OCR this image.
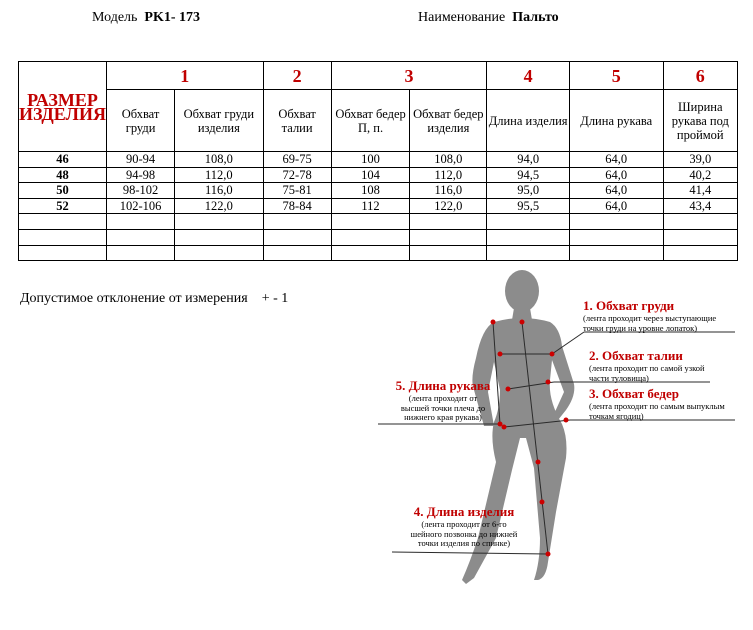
Модель PK1- 173	Наименование Пальто
РАЗМЕР ИЗДЕЛИЯ	1		2	3		4	5	6
	Обхват груди	Обхват груди изделия	Обхват талии	Обхват бедер П, п.	Обхват бедер изделия	Длина изделия	Длина рукава	Ширина рукава под проймой
46	90-94	108,0	69-75	100	108,0	94,0	64,0	39,0
48	94-98	112,0	72-78	104	112,0	94,5	64,0	40,2
50	98-102	116,0	75-81	108	116,0	95,0	64,0	41,4
52	102-106	122,0	78-84	112	122,0	95,5	64,0	43,4

Допустимое отклонение от измерения + - 1	1. Обхват груди
(лента проходит через выступающие
точки груди на уровне лопаток)
2. Обхват талии
(лента проходит по самой узкой
части туловища)
3. Обхват бедер
(лента проходит по самым выпуклым
точкам ягодиц)
5. Длина рукава
(лента проходит от
высшей точки плеча до
нижнего края рукава)
4. Длина изделия
(лента проходит от 6-го
шейного позвонка до нижней
точки изделия по спинке)
